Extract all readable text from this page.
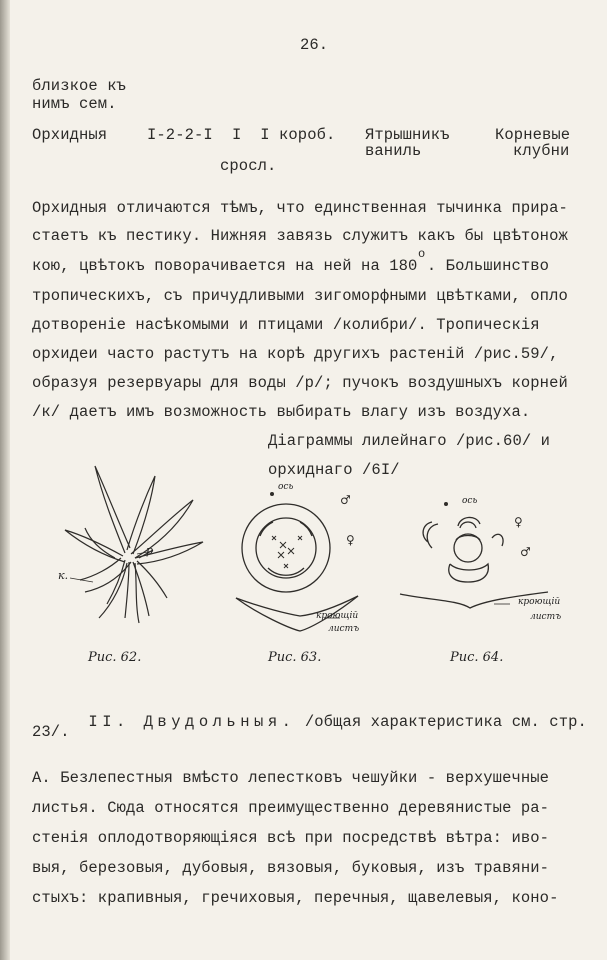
26.
близкое къ
нимъ сем.
Орхидныя	I-2-2-I I  I короб. Ятрышникъ	Корневые
ваниль	клубни
сросл.
Орхидныя отличаются тѣмъ, что единственная тычинка прира-
стаетъ къ пестику. Нижняя завязь служитъ какъ бы цвѣтонож
о
кою, цвѣтокъ поворачивается на ней на 180 . Большинство
тропическихъ, съ причудливыми зигоморфными цвѣтками, опло
дотвореніе насѣкомыми и птицами /колибри/. Тропическія
орхидеи часто растутъ на корѣ другихъ растеній /рис.59/,
образуя резервуары для воды /р/; пучокъ воздушныхъ корней
/к/ даетъ имъ возможность выбирать влагу изъ воздуха.
Діаграммы лилейнаго /рис.60/ и
орхиднаго /6I/
р
к.
Рис. 62.
♀
♂
ось
кроющій
листъ
Рис. 63.
♀
♂
ось
кроющій
листъ
Рис. 64.

II. Двудольныя. /общая характеристика см. стр.

23/.
А. Безлепестныя вмѣсто лепестковъ чешуйки - верхушечные
листья. Сюда относятся преимущественно деревянистые ра-
стенія оплодотворяющіяся всѣ при посредствѣ вѣтра: иво-
выя, березовыя, дубовыя, вязовыя, буковыя, изъ травяни-
стыхъ: крапивныя, гречиховыя, перечныя, щавелевыя, коно-
